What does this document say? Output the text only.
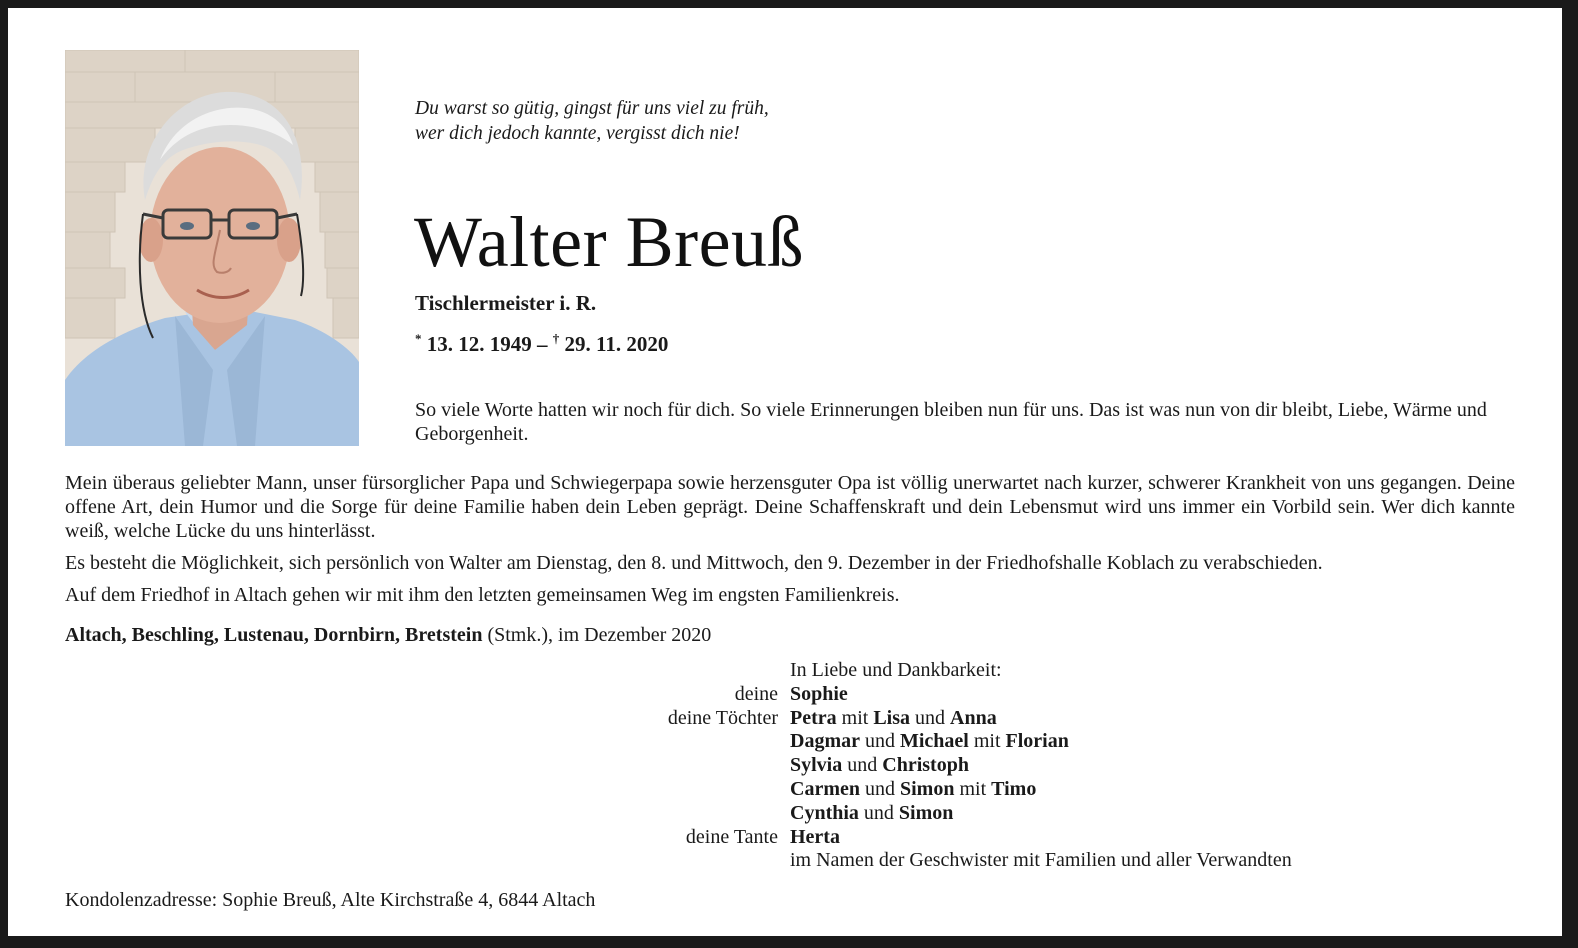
Du warst so gütig, gingst für uns viel zu früh,
wer dich jedoch kannte, vergisst dich nie!
Walter Breuß
Tischlermeister i. R.
* 13. 12. 1949 – † 29. 11. 2020
So viele Worte hatten wir noch für dich. So viele Erinnerungen bleiben nun für uns. Das ist was nun von dir bleibt, Liebe, Wärme und Geborgenheit.
Mein überaus geliebter Mann, unser fürsorglicher Papa und Schwiegerpapa sowie herzensguter Opa ist völlig unerwartet nach kurzer, schwerer Krankheit von uns gegangen. Deine offene Art, dein Humor und die Sorge für deine Familie haben dein Leben geprägt. Deine Schaffenskraft und dein Lebensmut wird uns immer ein Vorbild sein. Wer dich kannte weiß, welche Lücke du uns hinterlässt.
Es besteht die Möglichkeit, sich persönlich von Walter am Dienstag, den 8. und Mittwoch, den 9. Dezember in der Friedhofshalle Koblach zu verabschieden.
Auf dem Friedhof in Altach gehen wir mit ihm den letzten gemeinsamen Weg im engsten Familienkreis.
Altach, Beschling, Lustenau, Dornbirn, Bretstein (Stmk.), im Dezember 2020
In Liebe und Dankbarkeit:
deine Sophie
deine Töchter Petra mit Lisa und Anna
Dagmar und Michael mit Florian
Sylvia und Christoph
Carmen und Simon mit Timo
Cynthia und Simon
deine Tante Herta
im Namen der Geschwister mit Familien und aller Verwandten
Kondolenzadresse: Sophie Breuß, Alte Kirchstraße 4, 6844 Altach
